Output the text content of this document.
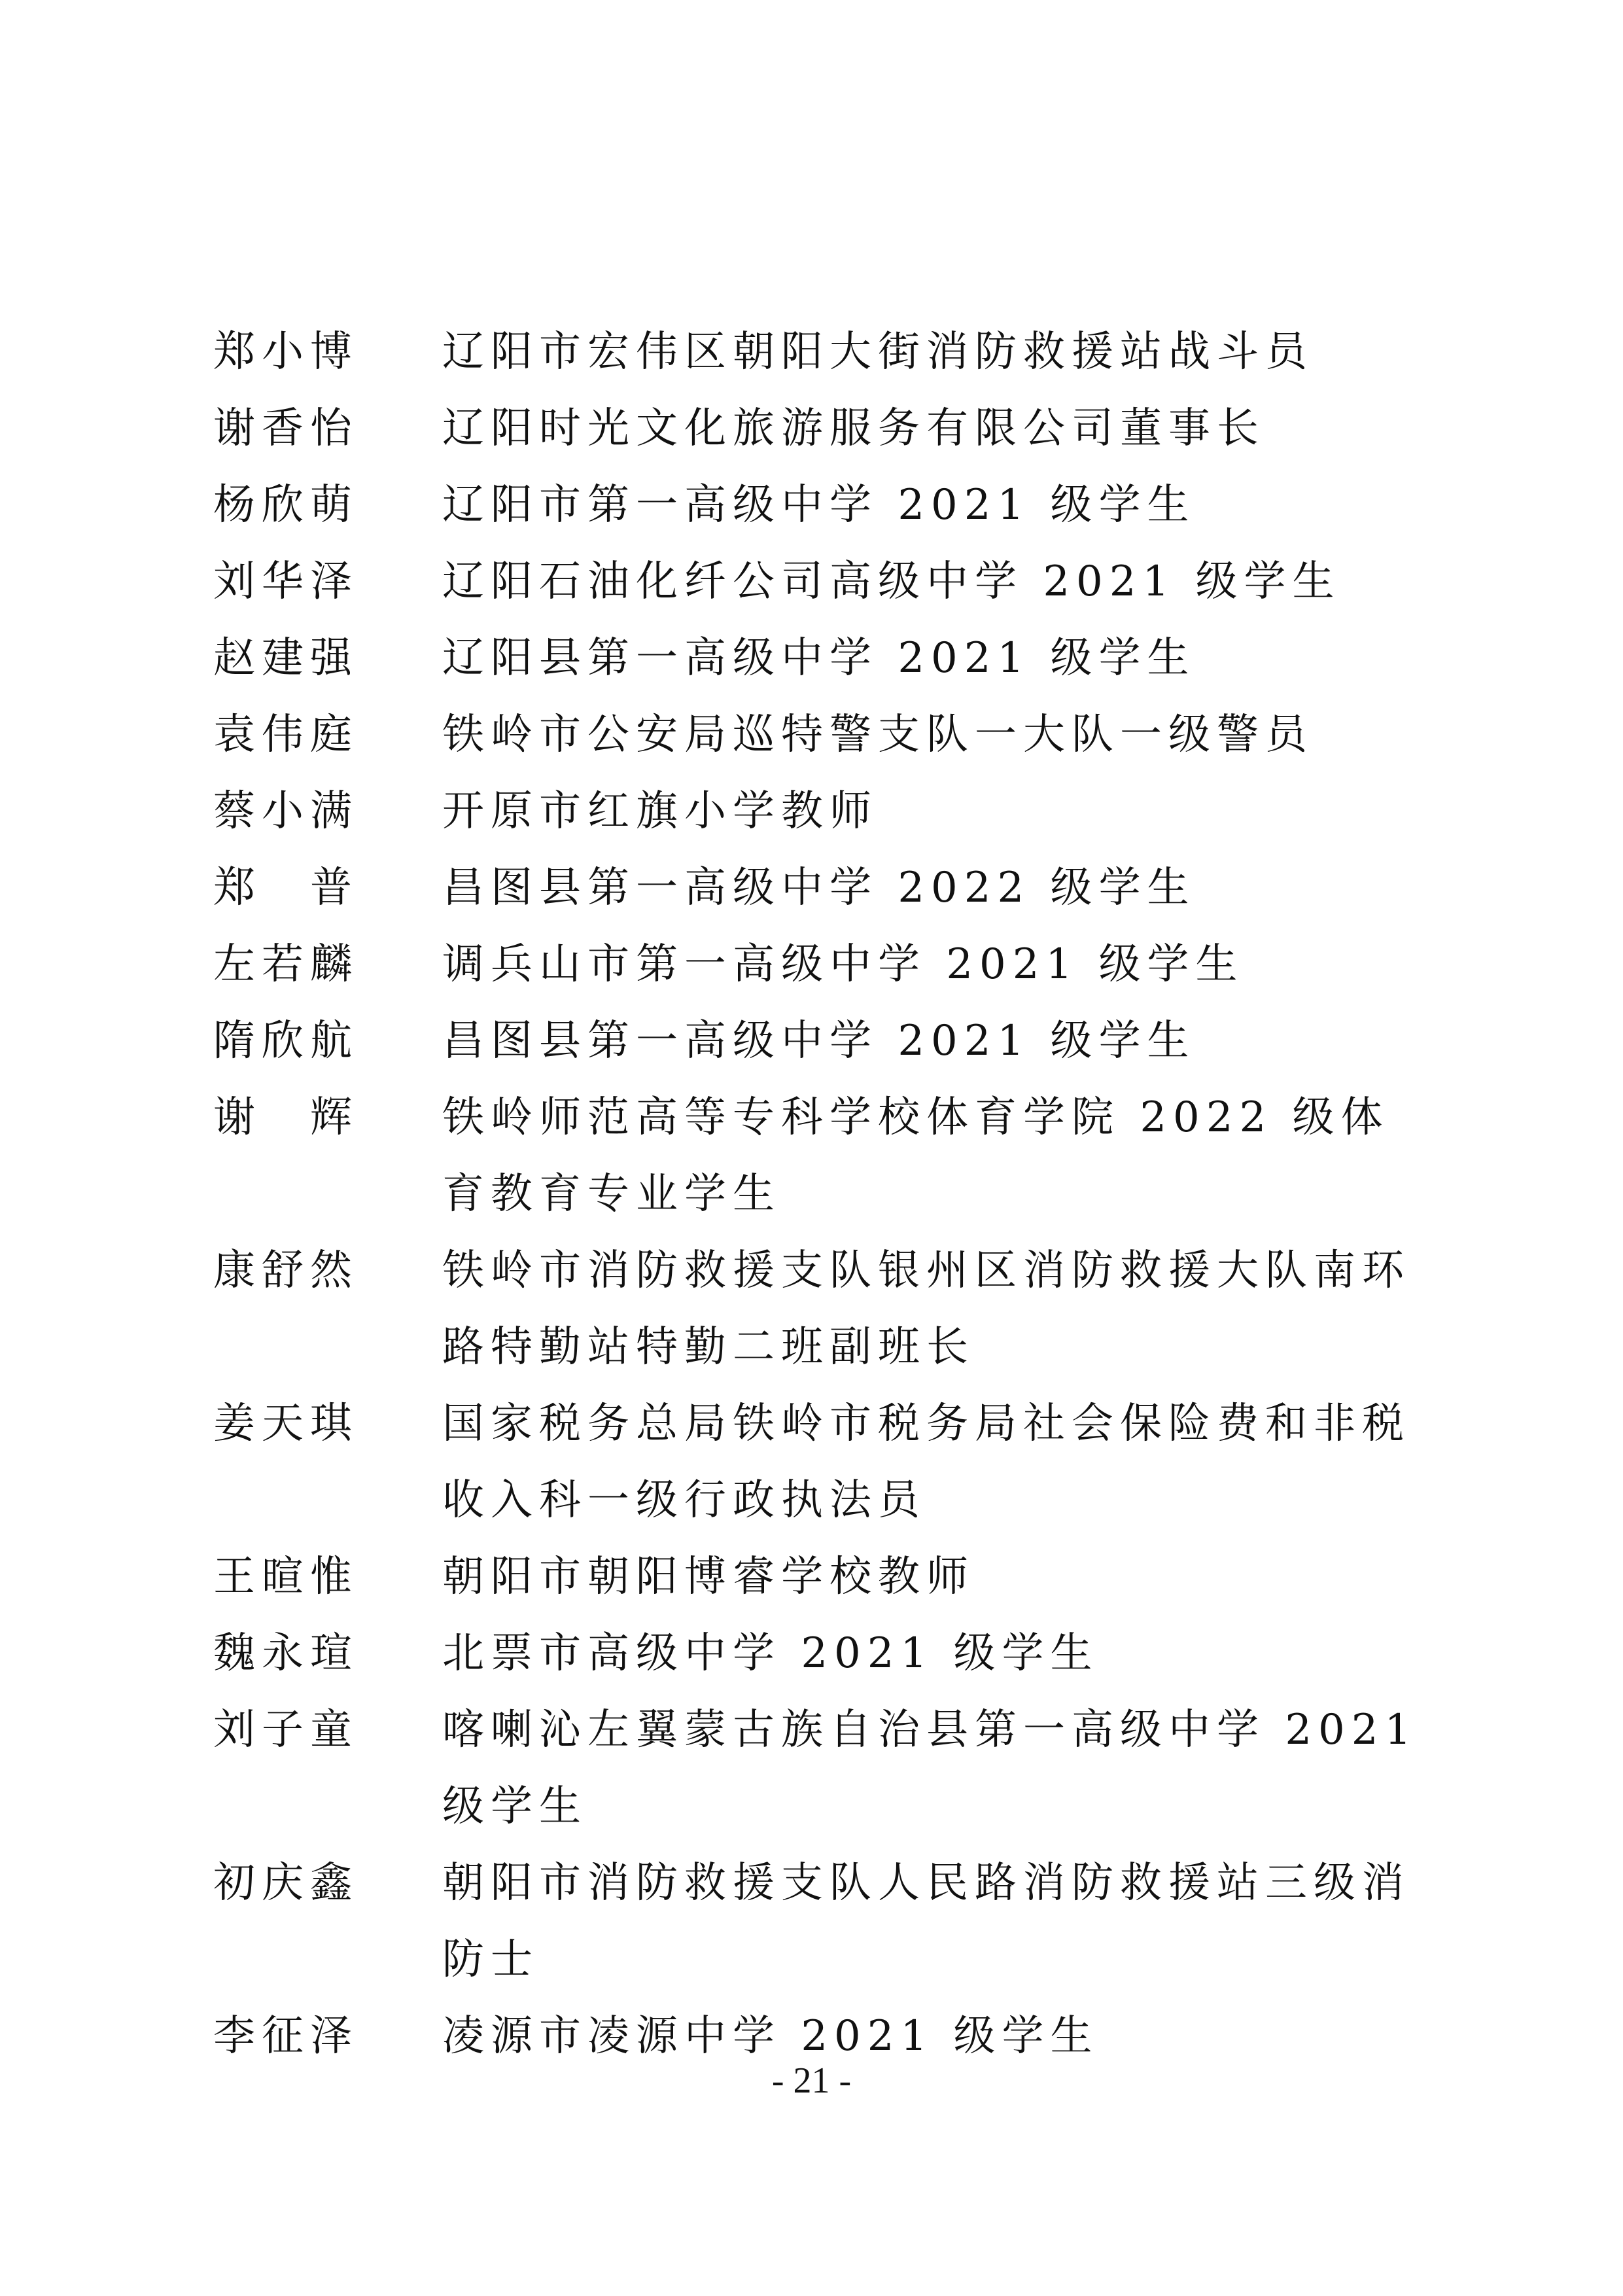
郑小博	辽阳市宏伟区朝阳大街消防救援站战斗员
谢香怡	辽阳时光文化旅游服务有限公司董事长
杨欣萌	辽阳市第一高级中学 2021 级学生
刘华泽	辽阳石油化纤公司高级中学 2021 级学生
赵建强	辽阳县第一高级中学 2021 级学生
袁伟庭	铁岭市公安局巡特警支队一大队一级警员
蔡小满	开原市红旗小学教师
郑　普	昌图县第一高级中学 2022 级学生
左若麟	调兵山市第一高级中学 2021 级学生
隋欣航	昌图县第一高级中学 2021 级学生
谢　辉	铁岭师范高等专科学校体育学院 2022 级体育教育专业学生
康舒然	铁岭市消防救援支队银州区消防救援大队南环路特勤站特勤二班副班长
姜天琪	国家税务总局铁岭市税务局社会保险费和非税收入科一级行政执法员
王暄惟	朝阳市朝阳博睿学校教师
魏永瑄	北票市高级中学 2021 级学生
刘子童	喀喇沁左翼蒙古族自治县第一高级中学 2021 级学生
初庆鑫	朝阳市消防救援支队人民路消防救援站三级消防士
李征泽	凌源市凌源中学 2021 级学生
- 21 -
